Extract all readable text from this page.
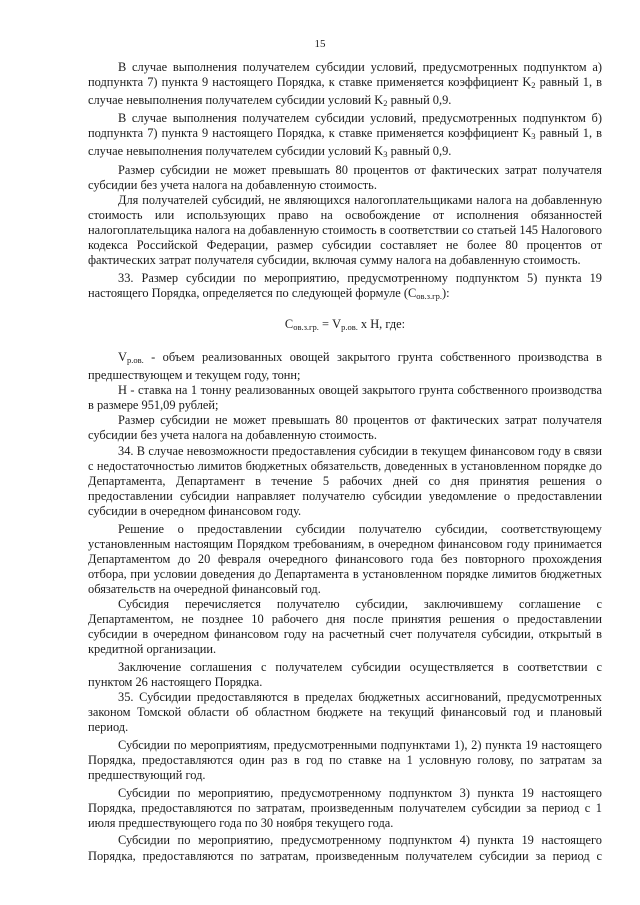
15

В случае выполнения получателем субсидии условий, предусмотренных подпунктом а) подпункта 7) пункта 9 настоящего Порядка, к ставке применяется коэффициент $K_2$ равный 1, в случае невыполнения получателем субсидии условий $K_2$ равный 0,9.

В случае выполнения получателем субсидии условий, предусмотренных подпунктом б) подпункта 7) пункта 9 настоящего Порядка, к ставке применяется коэффициент $K_3$ равный 1, в случае невыполнения получателем субсидии условий $K_3$ равный 0,9.

Размер субсидии не может превышать 80 процентов от фактических затрат получателя субсидии без учета налога на добавленную стоимость.

Для получателей субсидий, не являющихся налогоплательщиками налога на добавленную стоимость или использующих право на освобождение от исполнения обязанностей налогоплательщика налога на добавленную стоимость в соответствии со статьей 145 Налогового кодекса Российской Федерации, размер субсидии составляет не более 80 процентов от фактических затрат получателя субсидии, включая сумму налога на добавленную стоимость.

33. Размер субсидии по мероприятию, предусмотренному подпунктом 5) пункта 19 настоящего Порядка, определяется по следующей формуле $(C_{ов.з.гр.})$:

$C_{ов.з.гр.} = V_{р.ов.}$ x H, где:

$V_{р.ов.}$ - объем реализованных овощей закрытого грунта собственного производства в предшествующем и текущем году, тонн;

H - ставка на 1 тонну реализованных овощей закрытого грунта собственного производства в размере 951,09 рублей;

Размер субсидии не может превышать 80 процентов от фактических затрат получателя субсидии без учета налога на добавленную стоимость.

34. В случае невозможности предоставления субсидии в текущем финансовом году в связи с недостаточностью лимитов бюджетных обязательств, доведенных в установленном порядке до Департамента, Департамент в течение 5 рабочих дней со дня принятия решения о предоставлении субсидии направляет получателю субсидии уведомление о предоставлении субсидии в очередном финансовом году.

Решение о предоставлении субсидии получателю субсидии, соответствующему установленным настоящим Порядком требованиям, в очередном финансовом году принимается Департаментом до 20 февраля очередного финансового года без повторного прохождения отбора, при условии доведения до Департамента в установленном порядке лимитов бюджетных обязательств на очередной финансовый год.

Субсидия перечисляется получателю субсидии, заключившему соглашение с Департаментом, не позднее 10 рабочего дня после принятия решения о предоставлении субсидии в очередном финансовом году на расчетный счет получателя субсидии, открытый в кредитной организации.

Заключение соглашения с получателем субсидии осуществляется в соответствии с пунктом 26 настоящего Порядка.

35. Субсидии предоставляются в пределах бюджетных ассигнований, предусмотренных законом Томской области об областном бюджете на текущий финансовый год и плановый период.

Субсидии по мероприятиям, предусмотренными подпунктами 1), 2) пункта 19 настоящего Порядка, предоставляются один раз в год по ставке на 1 условную голову, по затратам за предшествующий год.

Субсидии по мероприятию, предусмотренному подпунктом 3) пункта 19 настоящего Порядка, предоставляются по затратам, произведенным получателем субсидии за период с 1 июля предшествующего года по 30 ноября текущего года.

Субсидии по мероприятию, предусмотренному подпунктом 4) пункта 19 настоящего Порядка, предоставляются по затратам, произведенным получателем субсидии за период с
